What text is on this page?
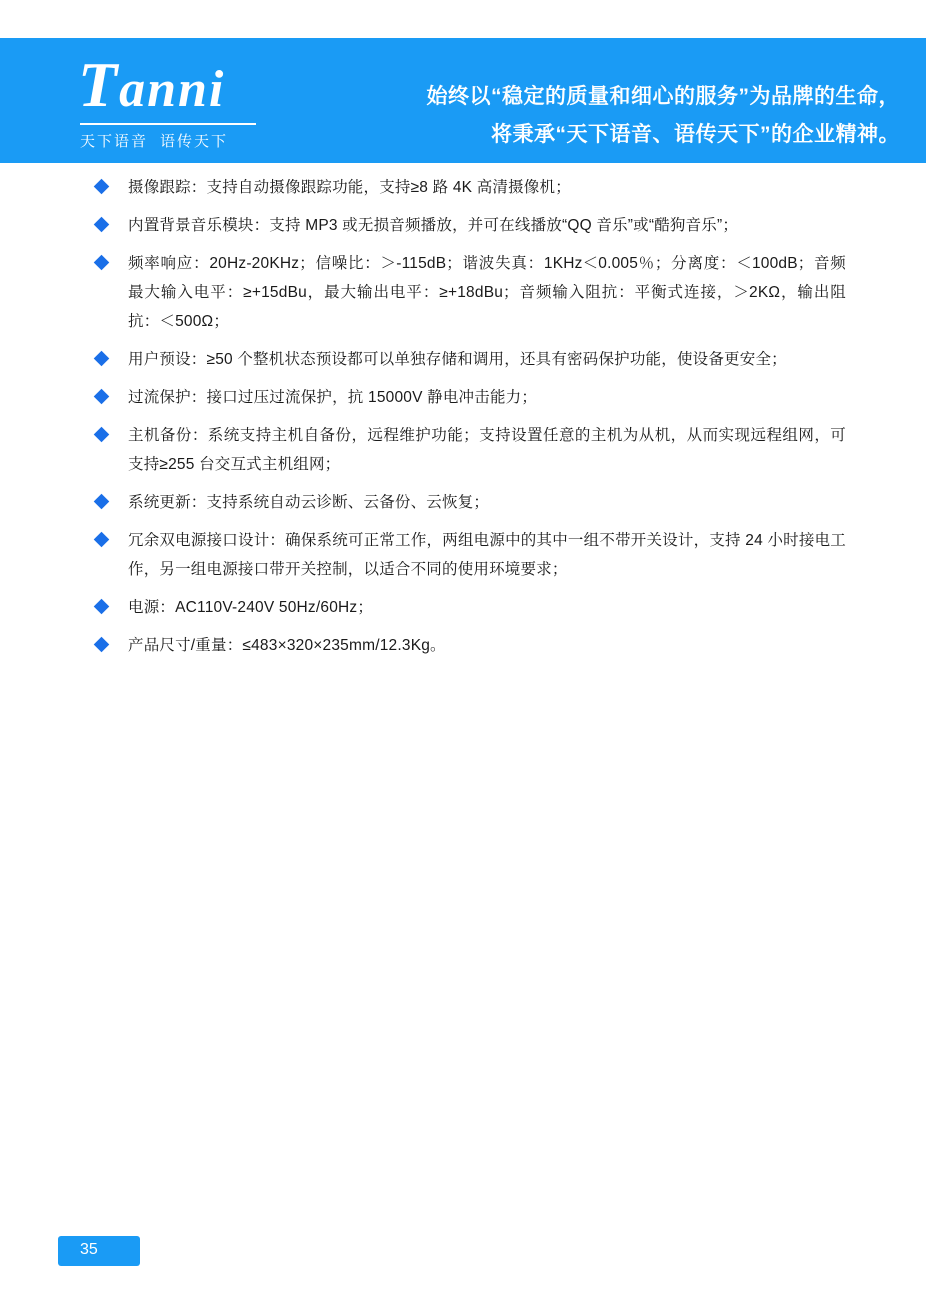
Tanni
天下语音 语传天下
始终以“稳定的质量和细心的服务”为品牌的生命，
将秉承“天下语音、语传天下”的企业精神。
摄像跟踪：支持自动摄像跟踪功能，支持≥8 路 4K 高清摄像机；
内置背景音乐模块：支持 MP3 或无损音频播放，并可在线播放“QQ 音乐”或“酷狗音乐”；
频率响应：20Hz-20KHz；信噪比：＞-115dB；谐波失真：1KHz＜0.005％；分离度：＜100dB；音频最大输入电平：≥+15dBu，最大输出电平：≥+18dBu；音频输入阻抗：平衡式连接，＞2KΩ，输出阻抗：＜500Ω；
用户预设：≥50 个整机状态预设都可以单独存储和调用，还具有密码保护功能，使设备更安全；
过流保护：接口过压过流保护，抗 15000V 静电冲击能力；
主机备份：系统支持主机自备份，远程维护功能；支持设置任意的主机为从机，从而实现远程组网，可支持≥255 台交互式主机组网；
系统更新：支持系统自动云诊断、云备份、云恢复；
冗余双电源接口设计：确保系统可正常工作，两组电源中的其中一组不带开关设计，支持 24 小时接电工作，另一组电源接口带开关控制，以适合不同的使用环境要求；
电源：AC110V-240V 50Hz/60Hz；
产品尺寸/重量：≤483×320×235mm/12.3Kg。
35
